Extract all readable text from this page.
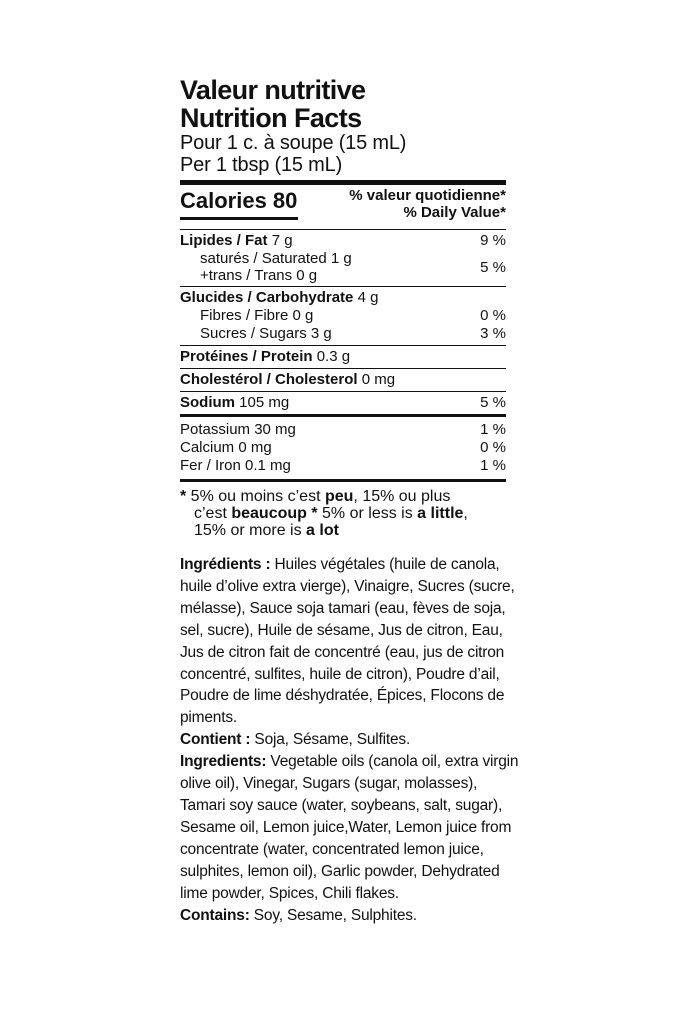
Valeur nutritive
Nutrition Facts
Pour 1 c. à soupe (15 mL)
Per 1 tbsp (15 mL)
Calories 80	% valeur quotidienne*
% Daily Value*
Lipides / Fat 7 g	9 %
saturés / Saturated 1 g
+trans / Trans 0 g	5 %
Glucides / Carbohydrate 4 g
Fibres / Fibre 0 g	0 %
Sucres / Sugars 3 g	3 %
Protéines / Protein 0.3 g
Cholestérol / Cholesterol 0 mg
Sodium 105 mg	5 %
Potassium 30 mg	1 %
Calcium 0 mg	0 %
Fer / Iron 0.1 mg	1 %
* 5% ou moins c’est peu, 15% ou plus
c’est beaucoup * 5% or less is a little,
15% or more is a lot

Ingrédients : Huiles végétales (huile de canola, huile d’olive extra vierge), Vinaigre, Sucres (sucre, mélasse), Sauce soja tamari (eau, fèves de soja, sel, sucre), Huile de sésame, Jus de citron, Eau, Jus de citron fait de concentré (eau, jus de citron concentré, sulfites, huile de citron), Poudre d’ail, Poudre de lime déshydratée, Épices, Flocons de piments.

Contient : Soja, Sésame, Sulfites.

Ingredients: Vegetable oils (canola oil, extra virgin olive oil), Vinegar, Sugars (sugar, molasses), Tamari soy sauce (water, soybeans, salt, sugar), Sesame oil, Lemon juice,Water, Lemon juice from concentrate (water, concentrated lemon juice, sulphites, lemon oil), Garlic powder, Dehydrated lime powder, Spices, Chili flakes.

Contains: Soy, Sesame, Sulphites.
